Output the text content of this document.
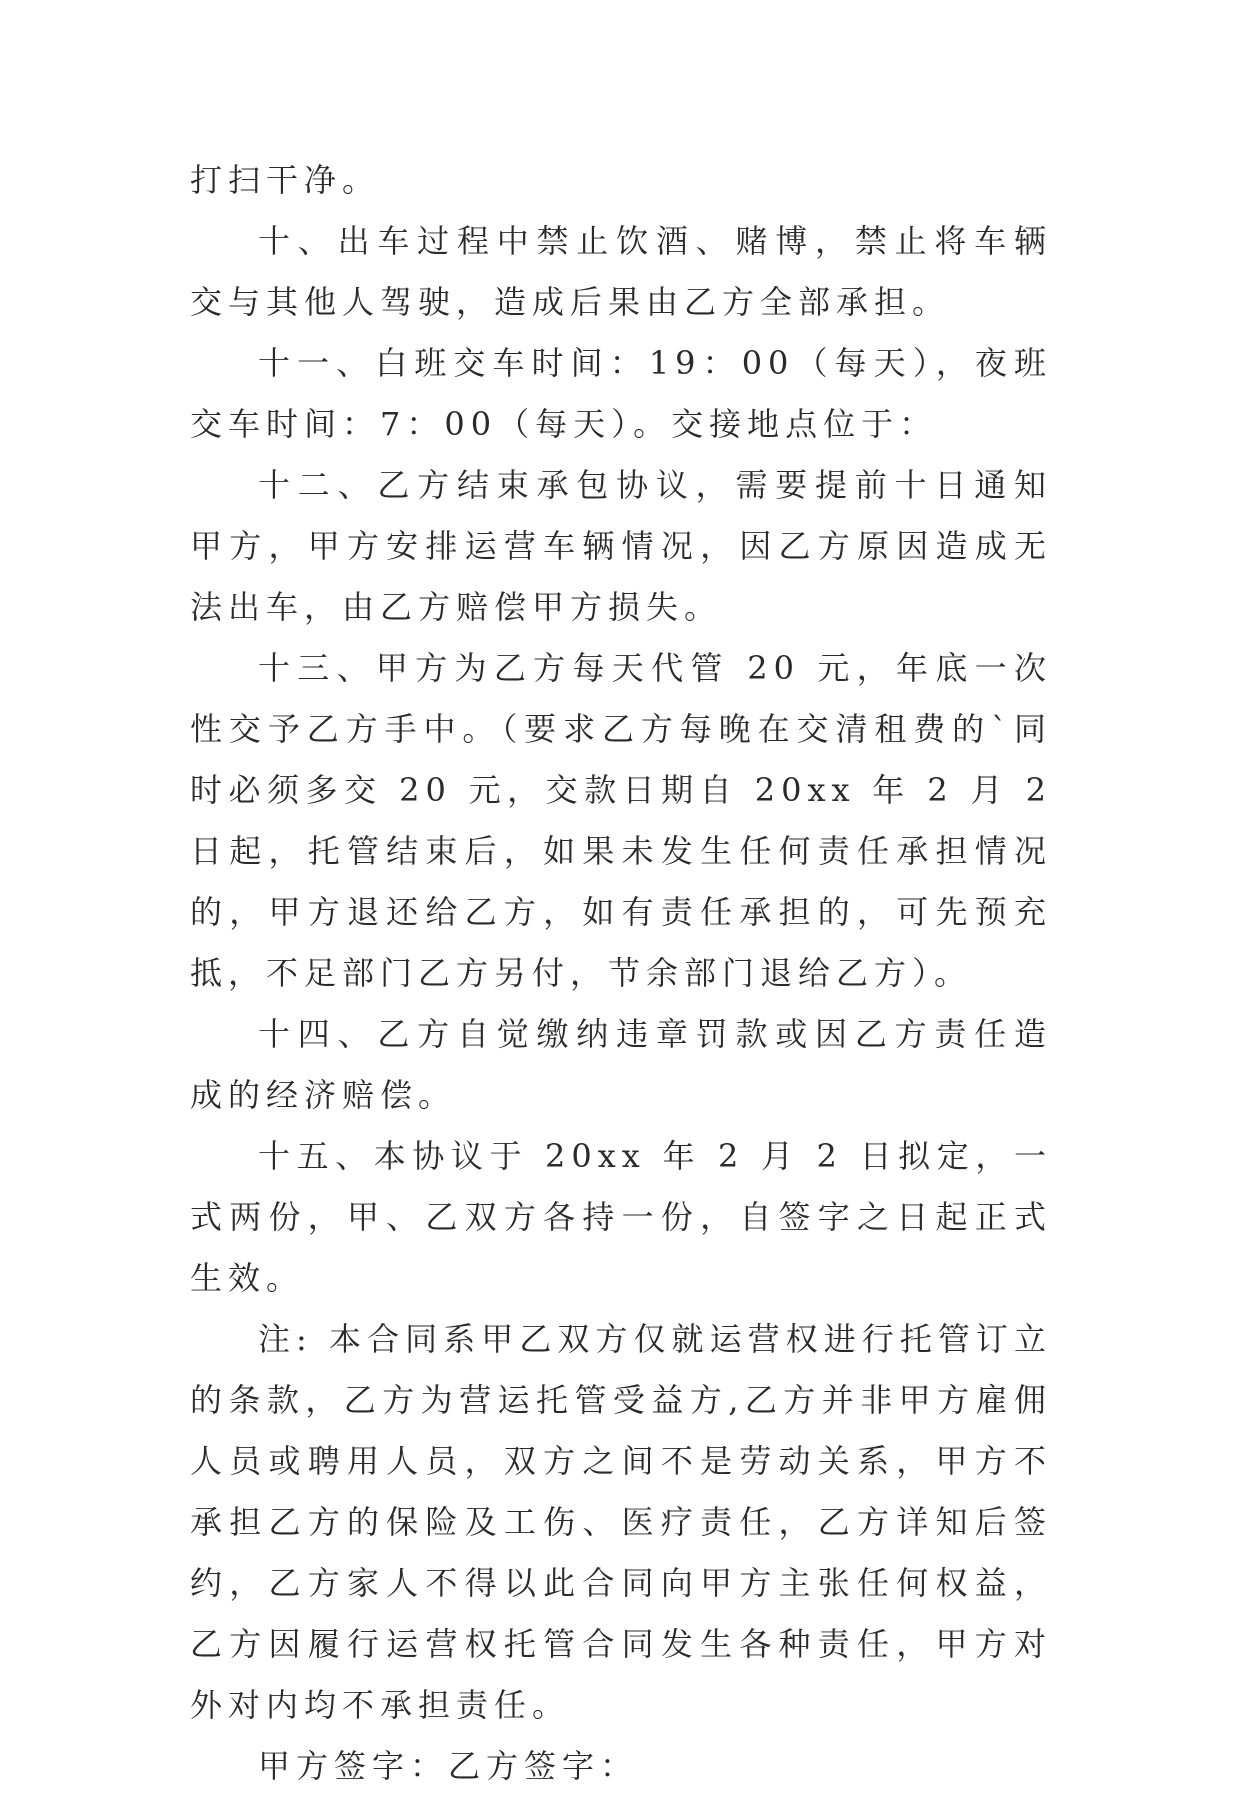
打扫干净。

十、出车过程中禁止饮酒、赌博，禁止将车辆交与其他人驾驶，造成后果由乙方全部承担。

十一、白班交车时间：19：00（每天），夜班交车时间：7：00（每天）。交接地点位于：

十二、乙方结束承包协议，需要提前十日通知甲方，甲方安排运营车辆情况，因乙方原因造成无法出车，由乙方赔偿甲方损失。

十三、甲方为乙方每天代管 20 元，年底一次性交予乙方手中。（要求乙方每晚在交清租费的`同时必须多交 20 元，交款日期自 20xx 年 2 月 2 日起，托管结束后，如果未发生任何责任承担情况的，甲方退还给乙方，如有责任承担的，可先预充抵，不足部门乙方另付，节余部门退给乙方）。

十四、乙方自觉缴纳违章罚款或因乙方责任造成的经济赔偿。

十五、本协议于 20xx 年 2 月 2 日拟定，一式两份，甲、乙双方各持一份，自签字之日起正式生效。

注: 本合同系甲乙双方仅就运营权进行托管订立的条款，乙方为营运托管受益方,乙方并非甲方雇佣人员或聘用人员，双方之间不是劳动关系，甲方不承担乙方的保险及工伤、医疗责任，乙方详知后签约，乙方家人不得以此合同向甲方主张任何权益，乙方因履行运营权托管合同发生各种责任，甲方对外对内均不承担责任。

甲方签字：乙方签字：
